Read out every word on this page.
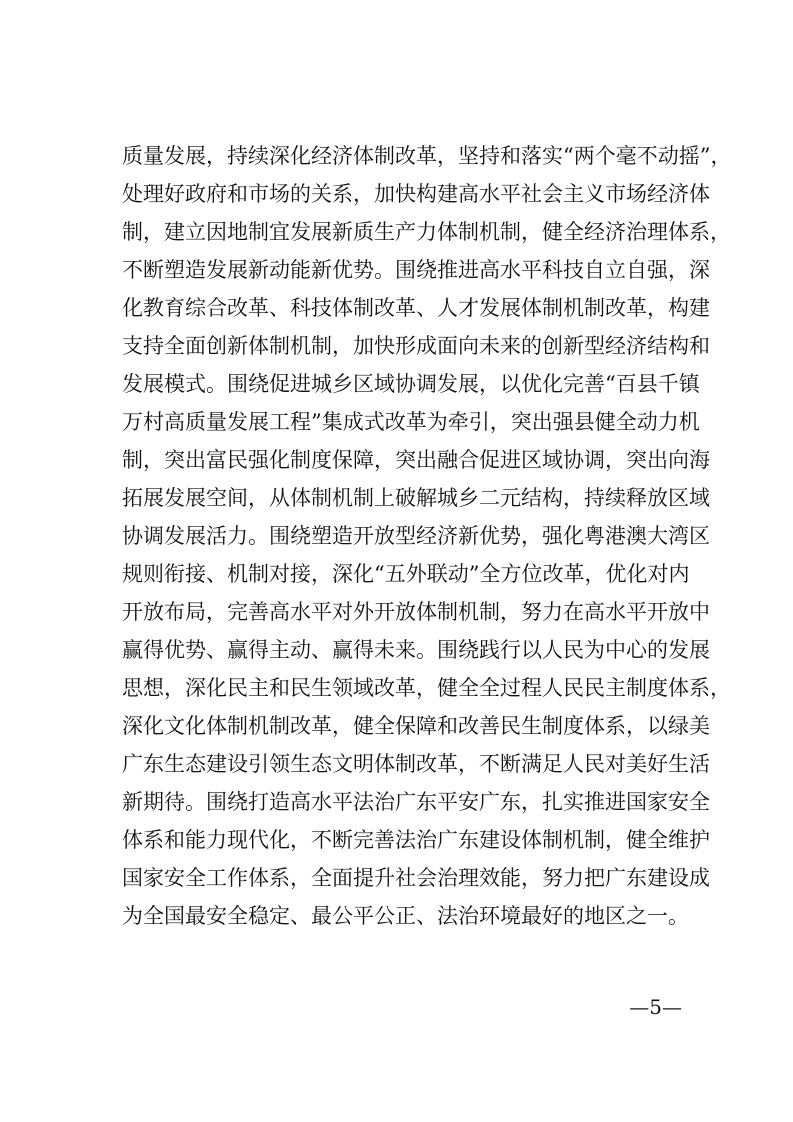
质量发展，持续深化经济体制改革，坚持和落实“两个毫不动摇”，
处理好政府和市场的关系，加快构建高水平社会主义市场经济体
制，建立因地制宜发展新质生产力体制机制，健全经济治理体系，
不断塑造发展新动能新优势。围绕推进高水平科技自立自强，深
化教育综合改革、科技体制改革、人才发展体制机制改革，构建
支持全面创新体制机制，加快形成面向未来的创新型经济结构和
发展模式。围绕促进城乡区域协调发展，以优化完善“百县千镇
万村高质量发展工程”集成式改革为牵引，突出强县健全动力机
制，突出富民强化制度保障，突出融合促进区域协调，突出向海
拓展发展空间，从体制机制上破解城乡二元结构，持续释放区域
协调发展活力。围绕塑造开放型经济新优势，强化粤港澳大湾区
规则衔接、机制对接，深化“五外联动”全方位改革，优化对内
开放布局，完善高水平对外开放体制机制，努力在高水平开放中
赢得优势、赢得主动、赢得未来。围绕践行以人民为中心的发展
思想，深化民主和民生领域改革，健全全过程人民民主制度体系，
深化文化体制机制改革，健全保障和改善民生制度体系，以绿美
广东生态建设引领生态文明体制改革，不断满足人民对美好生活
新期待。围绕打造高水平法治广东平安广东，扎实推进国家安全
体系和能力现代化，不断完善法治广东建设体制机制，健全维护
国家安全工作体系，全面提升社会治理效能，努力把广东建设成
为全国最安全稳定、最公平公正、法治环境最好的地区之一。
—5—
